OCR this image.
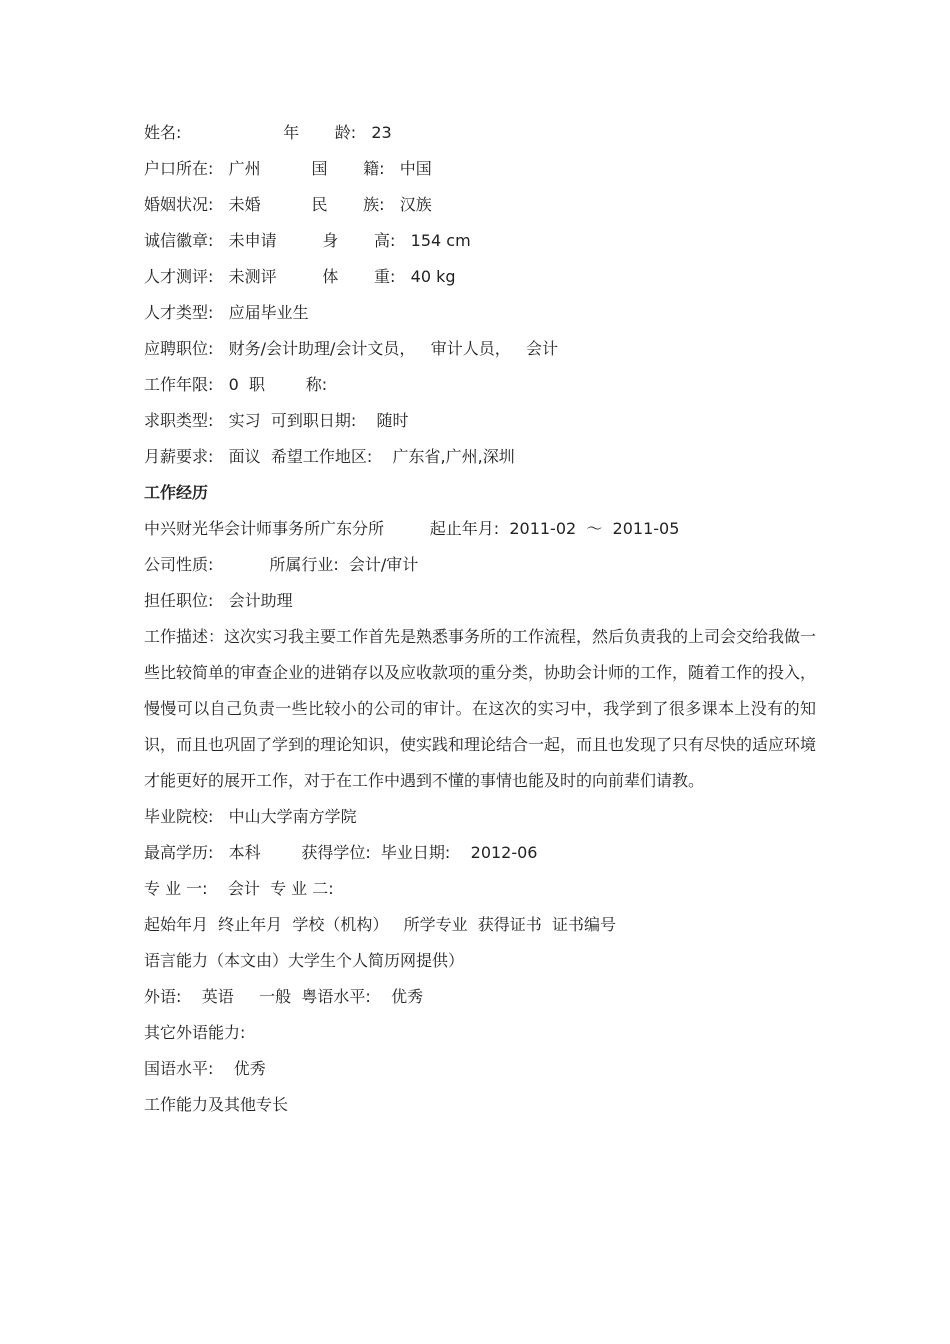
姓名:                    年       龄:   23

户口所在:   广州          国       籍:   中国

婚姻状况:   未婚          民       族:   汉族

诚信徽章:   未申请         身       高:   154 cm

人才测评:   未测评         体       重:   40 kg

人才类型:   应届毕业生

应聘职位:   财务/会计助理/会计文员，   审计人员，   会计

工作年限:   0  职        称:

求职类型:   实习  可到职日期:    随时

月薪要求:   面议  希望工作地区:    广东省,广州,深圳

工作经历

中兴财光华会计师事务所广东分所         起止年月:  2011-02  ～  2011-05

公司性质:           所属行业:  会计/审计

担任职位:   会计助理

工作描述：这次实习我主要工作首先是熟悉事务所的工作流程，然后负责我的上司会交给我做一些比较简单的审查企业的进销存以及应收款项的重分类，协助会计师的工作，随着工作的投入，慢慢可以自己负责一些比较小的公司的审计。在这次的实习中，我学到了很多课本上没有的知识，而且也巩固了学到的理论知识，使实践和理论结合一起，而且也发现了只有尽快的适应环境才能更好的展开工作，对于在工作中遇到不懂的事情也能及时的向前辈们请教。

毕业院校:   中山大学南方学院

最高学历:   本科        获得学位:  毕业日期:    2012-06

专 业 一:    会计  专 业 二:

起始年月  终止年月  学校（机构）   所学专业  获得证书  证书编号

语言能力（本文由）大学生个人简历网提供）

外语:    英语     一般  粤语水平:    优秀

其它外语能力:

国语水平:    优秀

工作能力及其他专长
